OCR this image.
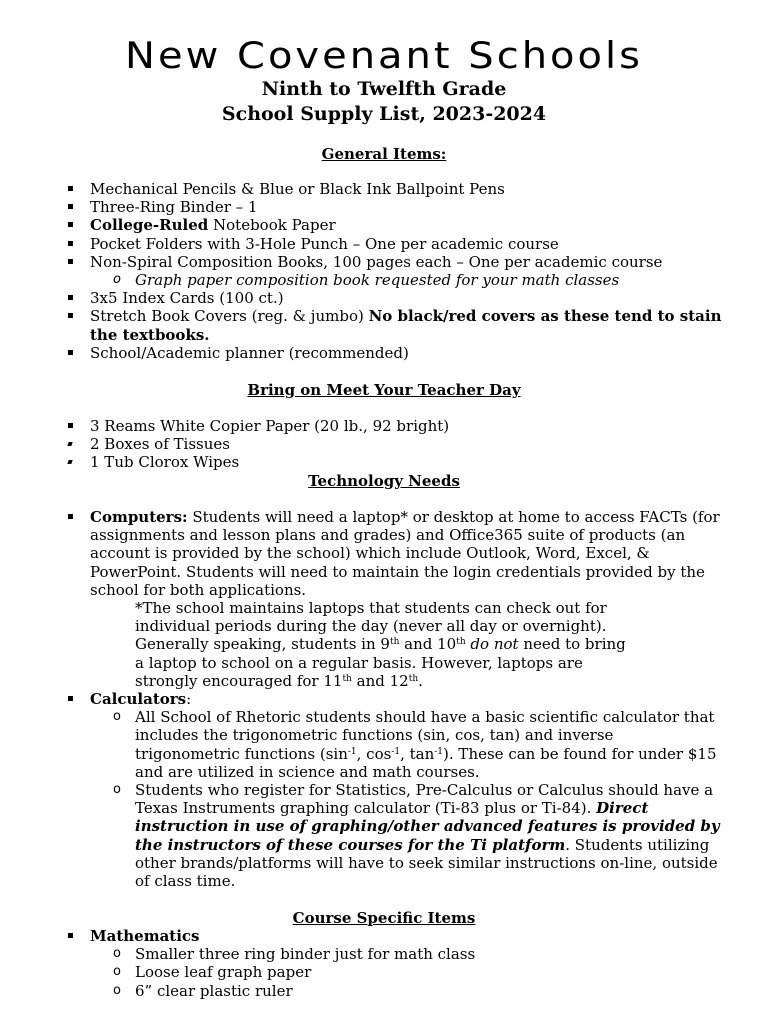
New Covenant Schools
Ninth to Twelfth Grade
School Supply List, 2023-2024
General Items:
Mechanical Pencils & Blue or Black Ink Ballpoint Pens
Three-Ring Binder – 1
College-Ruled Notebook Paper
Pocket Folders with 3-Hole Punch – One per academic course
Non-Spiral Composition Books, 100 pages each – One per academic course
o Graph paper composition book requested for your math classes
3x5 Index Cards (100 ct.)
Stretch Book Covers (reg. & jumbo) No black/red covers as these tend to stain the textbooks.
School/Academic planner (recommended)
Bring on Meet Your Teacher Day
3 Reams White Copier Paper (20 lb., 92 bright)
2 Boxes of Tissues
1 Tub Clorox Wipes
Technology Needs
Computers: Students will need a laptop* or desktop at home to access FACTs (for assignments and lesson plans and grades) and Office365 suite of products (an account is provided by the school) which include Outlook, Word, Excel, & PowerPoint. Students will need to maintain the login credentials provided by the school for both applications.
*The school maintains laptops that students can check out for
individual periods during the day (never all day or overnight).
Generally speaking, students in 9th and 10th do not need to bring
a laptop to school on a regular basis. However, laptops are
strongly encouraged for 11th and 12th.
Calculators:
o All School of Rhetoric students should have a basic scientific calculator that includes the trigonometric functions (sin, cos, tan) and inverse trigonometric functions ($\sin^{-1}$, $\cos^{-1}$, $\tan^{-1}$). These can be found for under $15 and are utilized in science and math courses.
o Students who register for Statistics, Pre-Calculus or Calculus should have a Texas Instruments graphing calculator (Ti-83 plus or Ti-84). Direct instruction in use of graphing/other advanced features is provided by the instructors of these courses for the Ti platform. Students utilizing other brands/platforms will have to seek similar instructions on-line, outside of class time.
Course Specific Items
Mathematics
o Smaller three ring binder just for math class
o Loose leaf graph paper
o 6” clear plastic ruler
